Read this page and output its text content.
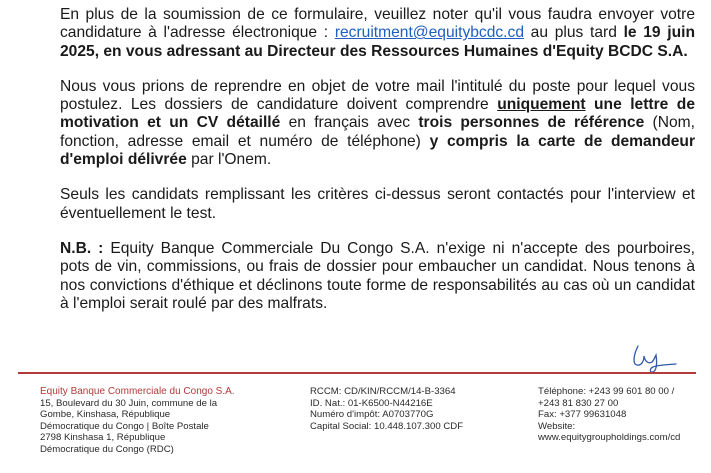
En plus de la soumission de ce formulaire, veuillez noter qu'il vous faudra envoyer votre candidature à l'adresse électronique : recruitment@equitybcdc.cd au plus tard le 19 juin 2025, en vous adressant au Directeur des Ressources Humaines d'Equity BCDC S.A.

Nous vous prions de reprendre en objet de votre mail l'intitulé du poste pour lequel vous postulez. Les dossiers de candidature doivent comprendre uniquement une lettre de motivation et un CV détaillé en français avec trois personnes de référence (Nom, fonction, adresse email et numéro de téléphone) y compris la carte de demandeur d'emploi délivrée par l'Onem.

Seuls les candidats remplissant les critères ci-dessus seront contactés pour l'interview et éventuellement le test.

N.B. : Equity Banque Commerciale Du Congo S.A. n'exige ni n'accepte des pourboires, pots de vin, commissions, ou frais de dossier pour embaucher un candidat. Nous tenons à nos convictions d'éthique et déclinons toute forme de responsabilités au cas où un candidat à l'emploi serait roulé par des malfrats.

Equity Banque Commerciale du Congo S.A.
15, Boulevard du 30 Juin, commune de la
Gombe, Kinshasa, République
Démocratique du Congo | Boîte Postale
2798 Kinshasa 1, République
Démocratique du Congo (RDC)
RCCM: CD/KIN/RCCM/14-B-3364
ID. Nat.: 01-K6500-N44216E
Numéro d'impôt: A0703770G
Capital Social: 10.448.107.300 CDF
Téléphone: +243 99 601 80 00 /
+243 81 830 27 00
Fax: +377 99631048
Website:
www.equitygroupholdings.com/cd
